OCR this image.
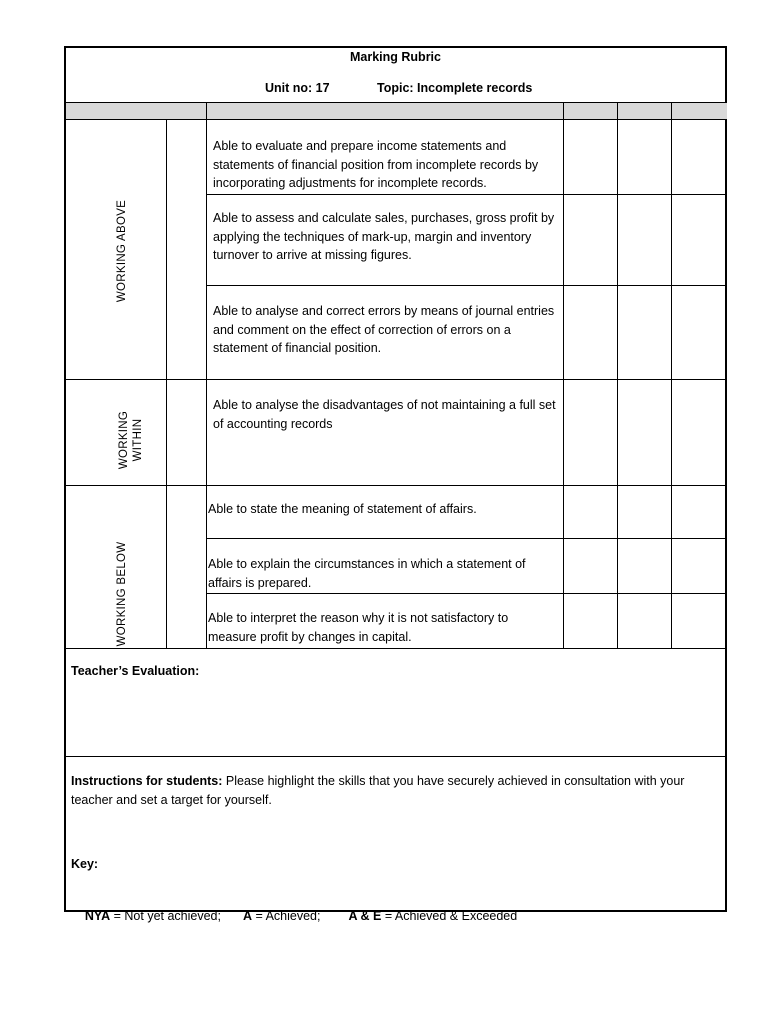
Marking Rubric
Unit no: 17	Topic: Incomplete records
WORKING ABOVE
WORKING WITHIN
WORKING BELOW
Able to evaluate and prepare income statements and statements of financial position from incomplete records by incorporating adjustments for incomplete records.
Able to assess and calculate sales, purchases, gross profit by applying the techniques of mark-up, margin and inventory turnover to arrive at missing figures.
Able to analyse and correct errors by means of journal entries and comment on the effect of correction of errors on a statement of financial position.
Able to analyse the disadvantages of not maintaining a full set of accounting records
Able to state the meaning of statement of affairs.
Able to explain the circumstances in which a statement of affairs is prepared.
Able to interpret the reason why it is not satisfactory to measure profit by changes in capital.
Teacher’s Evaluation:
Instructions for students: Please highlight the skills that you have securely achieved in consultation with your teacher and set a target for yourself.
Key:

NYA = Not yet achieved; A = Achieved; A & E = Achieved & Exceeded
